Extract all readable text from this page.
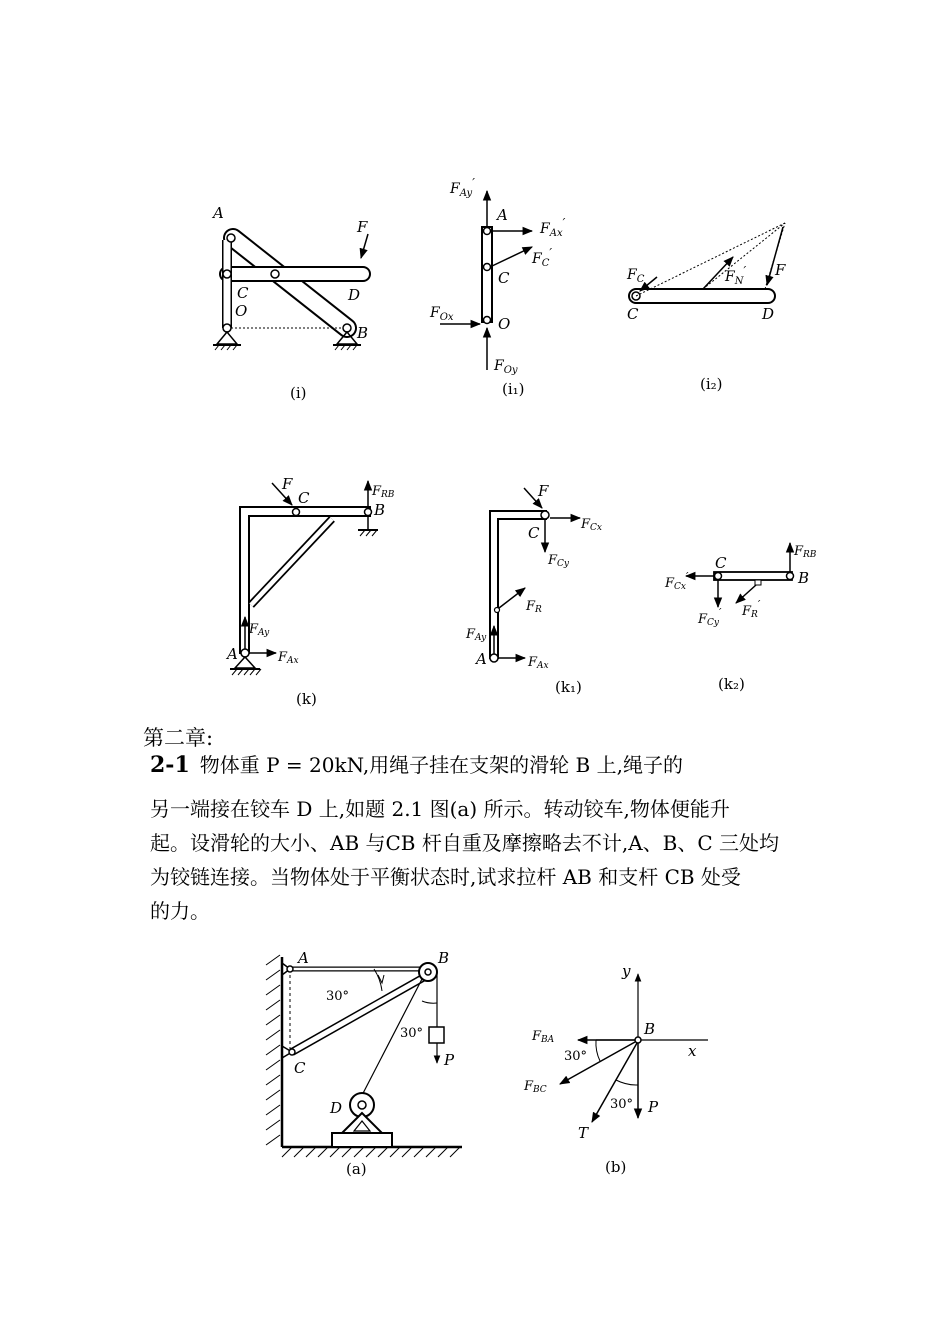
A
F
C	D
O
B
(i)
$F_{Ay}'$
A
$F_{Ax}'$
$F_C'$
C
$F_{Ox}$	O
$F_{Oy}$
(i₁)
$F_C$	$F_N'$ F
C	D
(i₂)
F
C	FRB
B
FAy
A	FAx
(k)
F
C	FCx
FCy
FR
FAy
A	FAx
(k₁)
C
FRB
B
FCx′
FCy′ FR′
(k₂)
第二章:
2-1 物体重 P = 20kN,用绳子挂在支架的滑轮 B 上,绳子的
另一端接在铰车 D 上,如题 2.1 图(a) 所示。转动铰车,物体便能升
起。设滑轮的大小、AB 与CB 杆自重及摩擦略去不计,A、B、C 三处均
为铰链连接。当物体处于平衡状态时,试求拉杆 AB 和支杆 CB 处受
的力。
A	B
30°
30°
C
D
P
(a)
y
B
x
FBA
30°
FBC
30° P
T
(b)
